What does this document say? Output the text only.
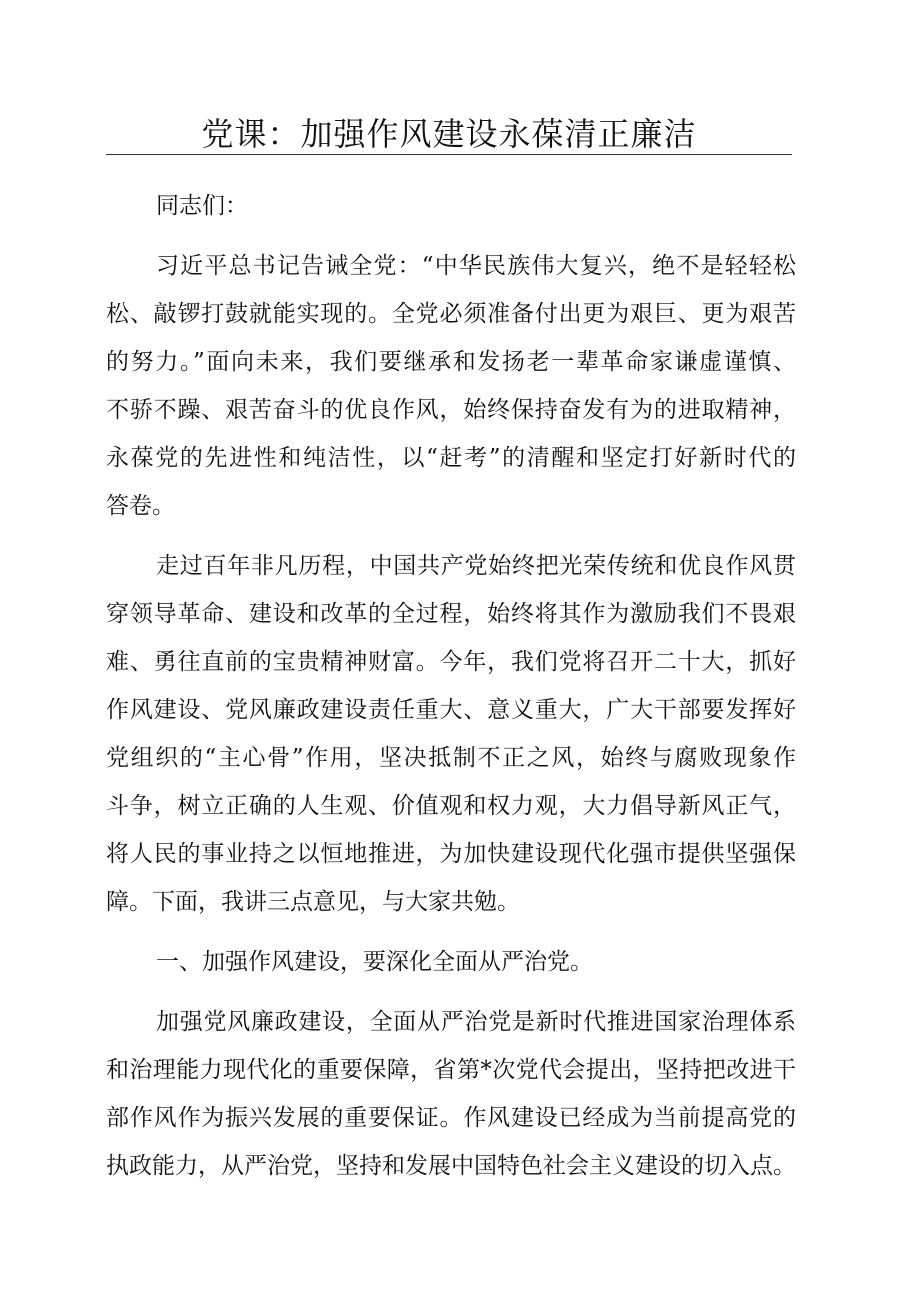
党课：加强作风建设永葆清正廉洁
同志们：
习近平总书记告诫全党：“中华民族伟大复兴，绝不是轻轻松
松、敲锣打鼓就能实现的。全党必须准备付出更为艰巨、更为艰苦
的努力。”面向未来，我们要继承和发扬老一辈革命家谦虚谨慎、
不骄不躁、艰苦奋斗的优良作风，始终保持奋发有为的进取精神，
永葆党的先进性和纯洁性，以“赶考”的清醒和坚定打好新时代的
答卷。
走过百年非凡历程，中国共产党始终把光荣传统和优良作风贯
穿领导革命、建设和改革的全过程，始终将其作为激励我们不畏艰
难、勇往直前的宝贵精神财富。今年，我们党将召开二十大，抓好
作风建设、党风廉政建设责任重大、意义重大，广大干部要发挥好
党组织的“主心骨”作用，坚决抵制不正之风，始终与腐败现象作
斗争，树立正确的人生观、价值观和权力观，大力倡导新风正气，
将人民的事业持之以恒地推进，为加快建设现代化强市提供坚强保
障。下面，我讲三点意见，与大家共勉。
一、加强作风建设，要深化全面从严治党。
加强党风廉政建设，全面从严治党是新时代推进国家治理体系
和治理能力现代化的重要保障，省第*次党代会提出，坚持把改进干
部作风作为振兴发展的重要保证。作风建设已经成为当前提高党的
执政能力，从严治党，坚持和发展中国特色社会主义建设的切入点。
